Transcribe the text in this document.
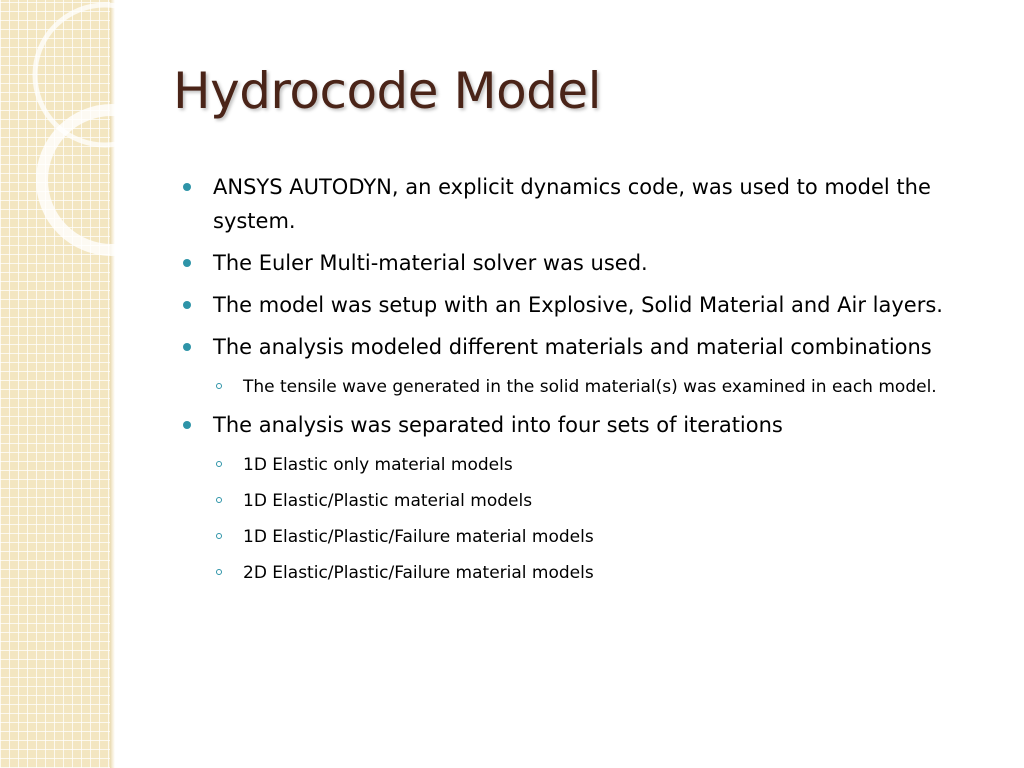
Hydrocode Model
ANSYS AUTODYN, an explicit dynamics code, was used to model the system.
The Euler Multi-material solver was used.
The model was setup with an Explosive, Solid Material and Air layers.
The analysis modeled different materials and material combinations
The tensile wave generated in the solid material(s) was examined in each model.
The analysis was separated into four sets of iterations
1D Elastic only material models
1D Elastic/Plastic material models
1D Elastic/Plastic/Failure material models
2D Elastic/Plastic/Failure material models
